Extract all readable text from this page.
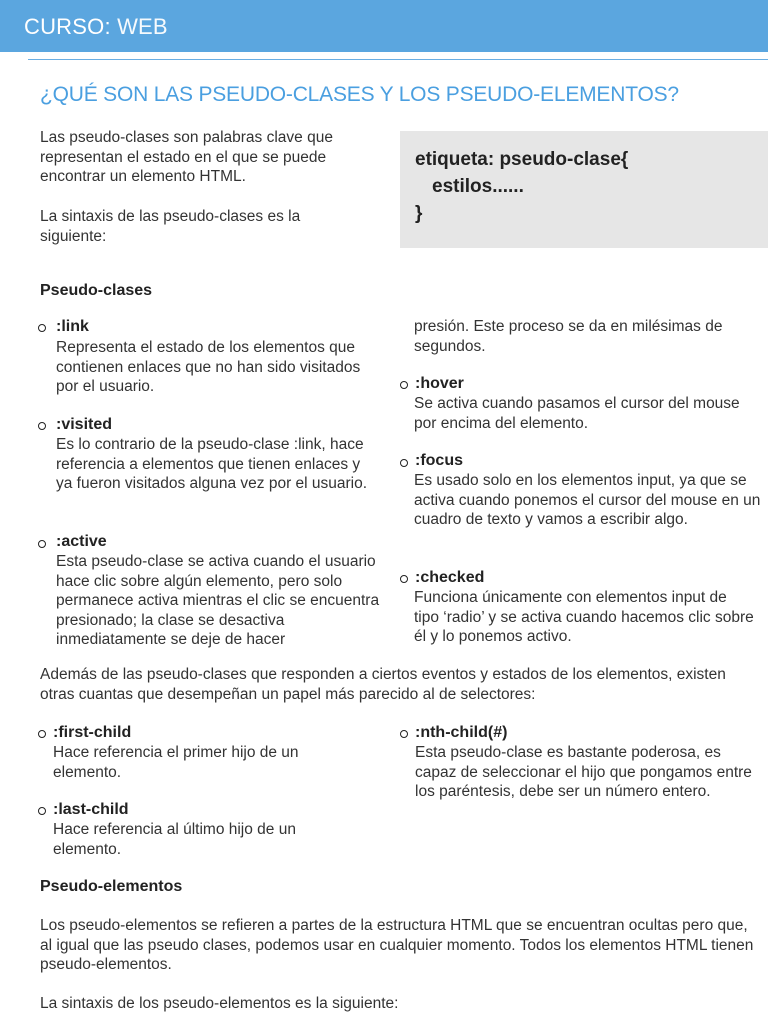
CURSO: WEB
¿QUÉ SON LAS PSEUDO-CLASES Y LOS PSEUDO-ELEMENTOS?

Las pseudo-clases son palabras clave que representan el estado en el que se puede encontrar un elemento HTML.

La sintaxis de las pseudo-clases es la siguiente:

etiqueta: pseudo-clase{
estilos......
}
Pseudo-clases
:link
Representa el estado de los elementos que contienen enlaces que no han sido visitados por el usuario.
:visited
Es lo contrario de la pseudo-clase :link, hace referencia a elementos que tienen enlaces y ya fueron visitados alguna vez por el usuario.
:active
Esta pseudo-clase se activa cuando el usuario hace clic sobre algún elemento, pero solo permanece activa mientras el clic se encuentra presionado; la clase se desactiva inmediatamente se deje de hacer
presión. Este proceso se da en milésimas de segundos.
:hover
Se activa cuando pasamos el cursor del mouse por encima del elemento.
:focus
Es usado solo en los elementos input, ya que se activa cuando ponemos el cursor del mouse en un cuadro de texto y vamos a escribir algo.
:checked
Funciona únicamente con elementos input de tipo ‘radio’ y se activa cuando hacemos clic sobre él y lo ponemos activo.

Además de las pseudo-clases que responden a ciertos eventos y estados de los elementos, existen otras cuantas que desempeñan un papel más parecido al de selectores:

:first-child
Hace referencia el primer hijo de un elemento.
:last-child
Hace referencia al último hijo de un elemento.
:nth-child(#)
Esta pseudo-clase es bastante poderosa, es capaz de seleccionar el hijo que pongamos entre los paréntesis, debe ser un número entero.
Pseudo-elementos

Los pseudo-elementos se refieren a partes de la estructura HTML que se encuentran ocultas pero que, al igual que las pseudo clases, podemos usar en cualquier momento. Todos los elementos HTML tienen pseudo-elementos.

La sintaxis de los pseudo-elementos es la siguiente:
